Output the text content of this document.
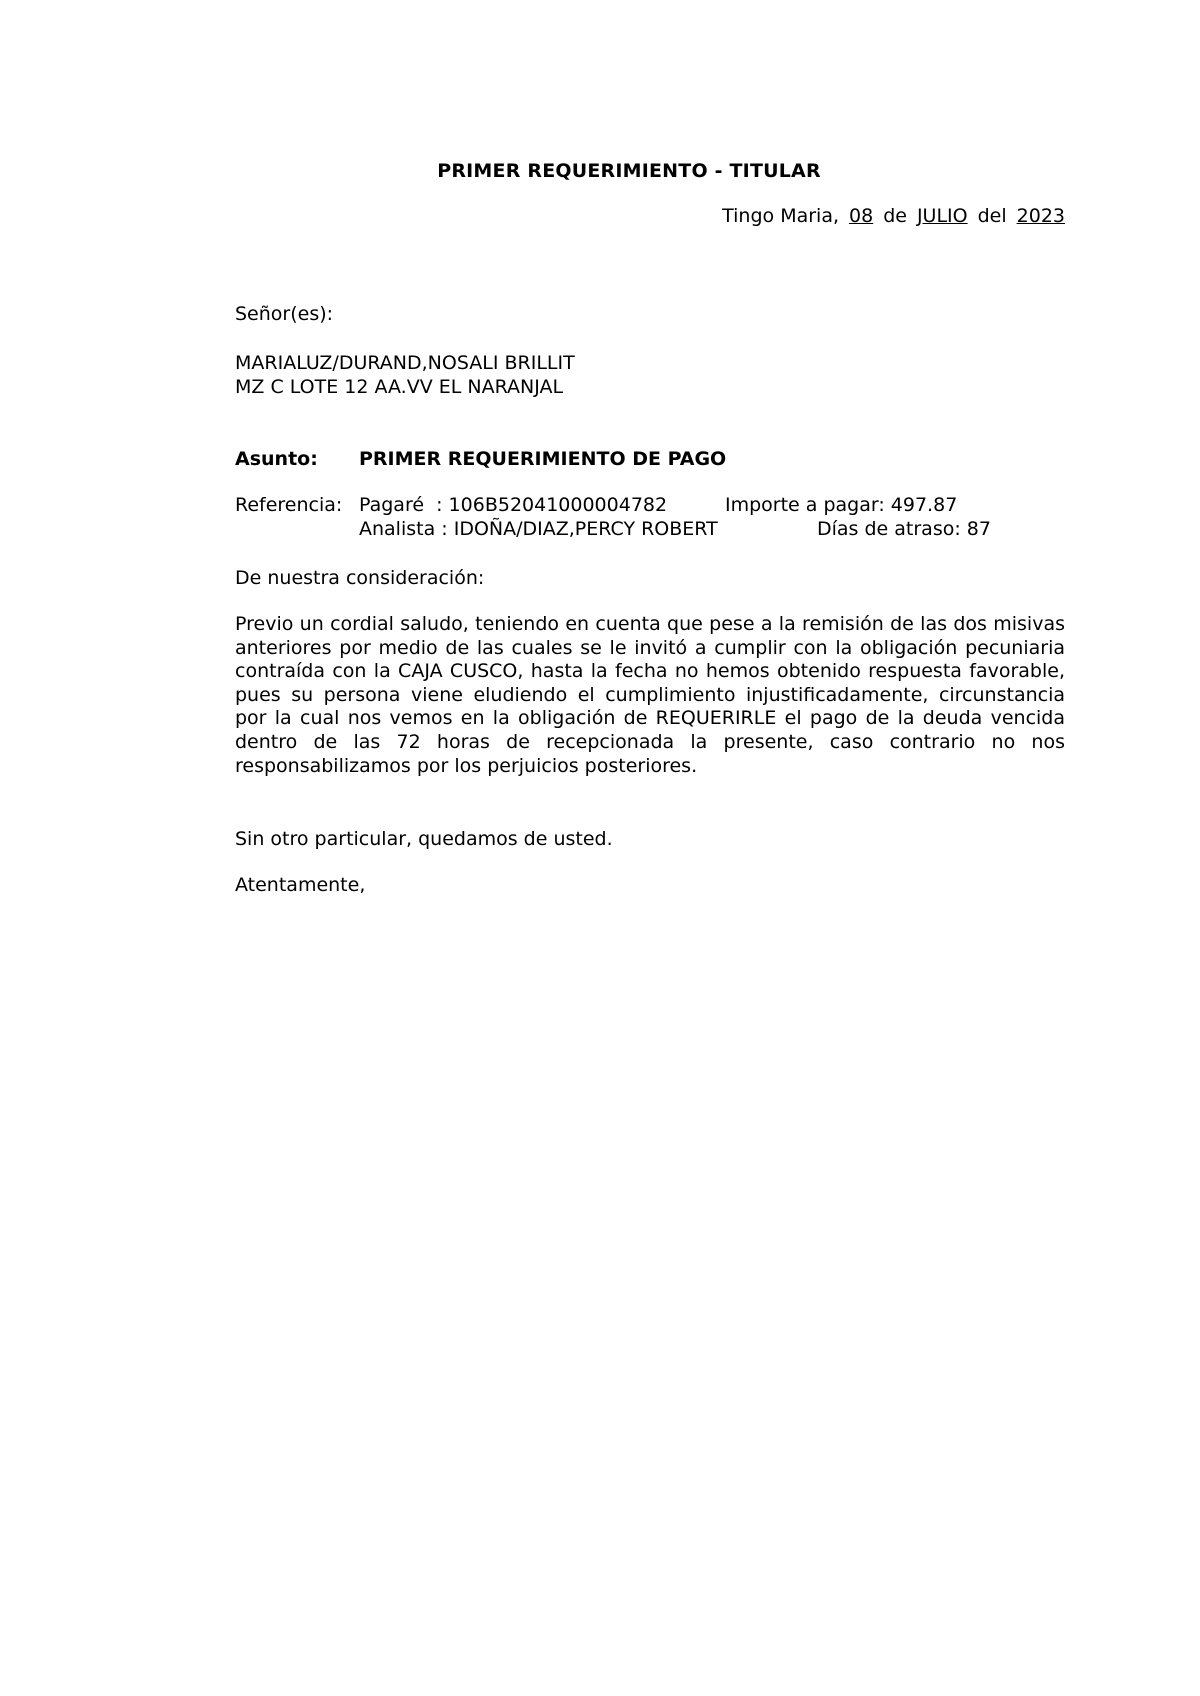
PRIMER REQUERIMIENTO - TITULAR
Tingo Maria, 08 de JULIO del 2023
Señor(es):
MARIALUZ/DURAND,NOSALI BRILLIT
MZ C LOTE 12 AA.VV EL NARANJAL
Asunto: PRIMER REQUERIMIENTO DE PAGO
Referencia: Pagaré  : 106B52041000004782	Importe a pagar: 497.87
Analista : IDOÑA/DIAZ,PERCY ROBERT	Días de atraso: 87
De nuestra consideración:
Previo un cordial saludo, teniendo en cuenta que pese a la remisión de las dos misivas anteriores por medio de las cuales se le invitó a cumplir con la obligación pecuniaria contraída con la CAJA CUSCO, hasta la fecha no hemos obtenido respuesta favorable, pues su persona viene eludiendo el cumplimiento injustificadamente, circunstancia por la cual nos vemos en la obligación de REQUERIRLE el pago de la deuda vencida dentro de las 72 horas de recepcionada la presente, caso contrario no nos responsabilizamos por los perjuicios posteriores.
Sin otro particular, quedamos de usted.
Atentamente,
